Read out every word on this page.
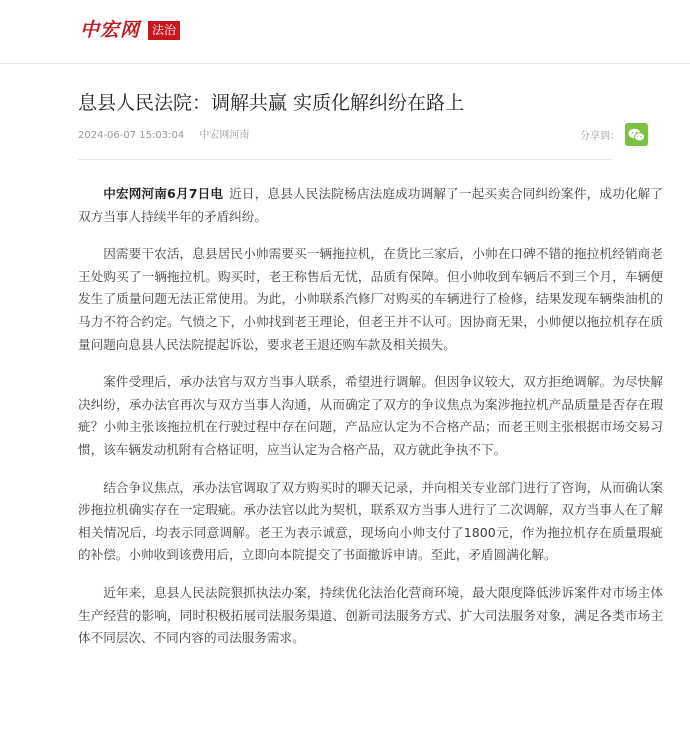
中宏网 法治
息县人民法院：调解共赢 实质化解纠纷在路上
2024-06-07 15:03:04 中宏网河南	分享到：

中宏网河南6月7日电 近日，息县人民法院杨店法庭成功调解了一起买卖合同纠纷案件，成功化解了双方当事人持续半年的矛盾纠纷。

因需要干农活，息县居民小帅需要买一辆拖拉机，在货比三家后，小帅在口碑不错的拖拉机经销商老王处购买了一辆拖拉机。购买时，老王称售后无忧，品质有保障。但小帅收到车辆后不到三个月，车辆便发生了质量问题无法正常使用。为此，小帅联系汽修厂对购买的车辆进行了检修，结果发现车辆柴油机的马力不符合约定。气愤之下，小帅找到老王理论，但老王并不认可。因协商无果，小帅便以拖拉机存在质量问题向息县人民法院提起诉讼，要求老王退还购车款及相关损失。

案件受理后，承办法官与双方当事人联系，希望进行调解。但因争议较大，双方拒绝调解。为尽快解决纠纷，承办法官再次与双方当事人沟通，从而确定了双方的争议焦点为案涉拖拉机产品质量是否存在瑕疵？小帅主张该拖拉机在行驶过程中存在问题，产品应认定为不合格产品；而老王则主张根据市场交易习惯，该车辆发动机附有合格证明，应当认定为合格产品，双方就此争执不下。

结合争议焦点，承办法官调取了双方购买时的聊天记录，并向相关专业部门进行了咨询，从而确认案涉拖拉机确实存在一定瑕疵。承办法官以此为契机，联系双方当事人进行了二次调解，双方当事人在了解相关情况后，均表示同意调解。老王为表示诚意，现场向小帅支付了1800元，作为拖拉机存在质量瑕疵的补偿。小帅收到该费用后，立即向本院提交了书面撤诉申请。至此，矛盾圆满化解。

近年来，息县人民法院狠抓执法办案，持续优化法治化营商环境，最大限度降低涉诉案件对市场主体生产经营的影响，同时积极拓展司法服务渠道、创新司法服务方式、扩大司法服务对象，满足各类市场主体不同层次、不同内容的司法服务需求。
